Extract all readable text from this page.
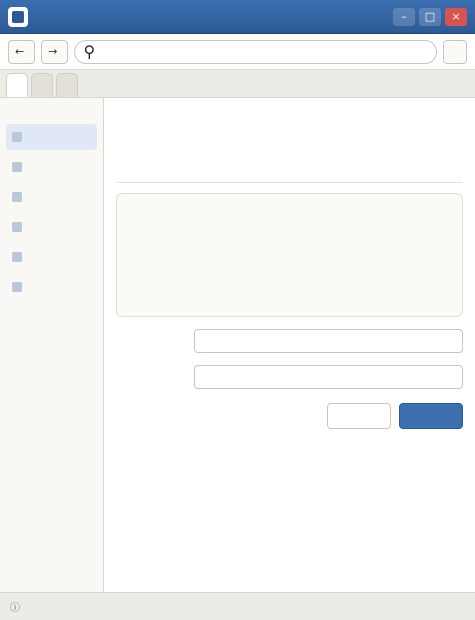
–	□	×
← → ⚲
ⓘ
